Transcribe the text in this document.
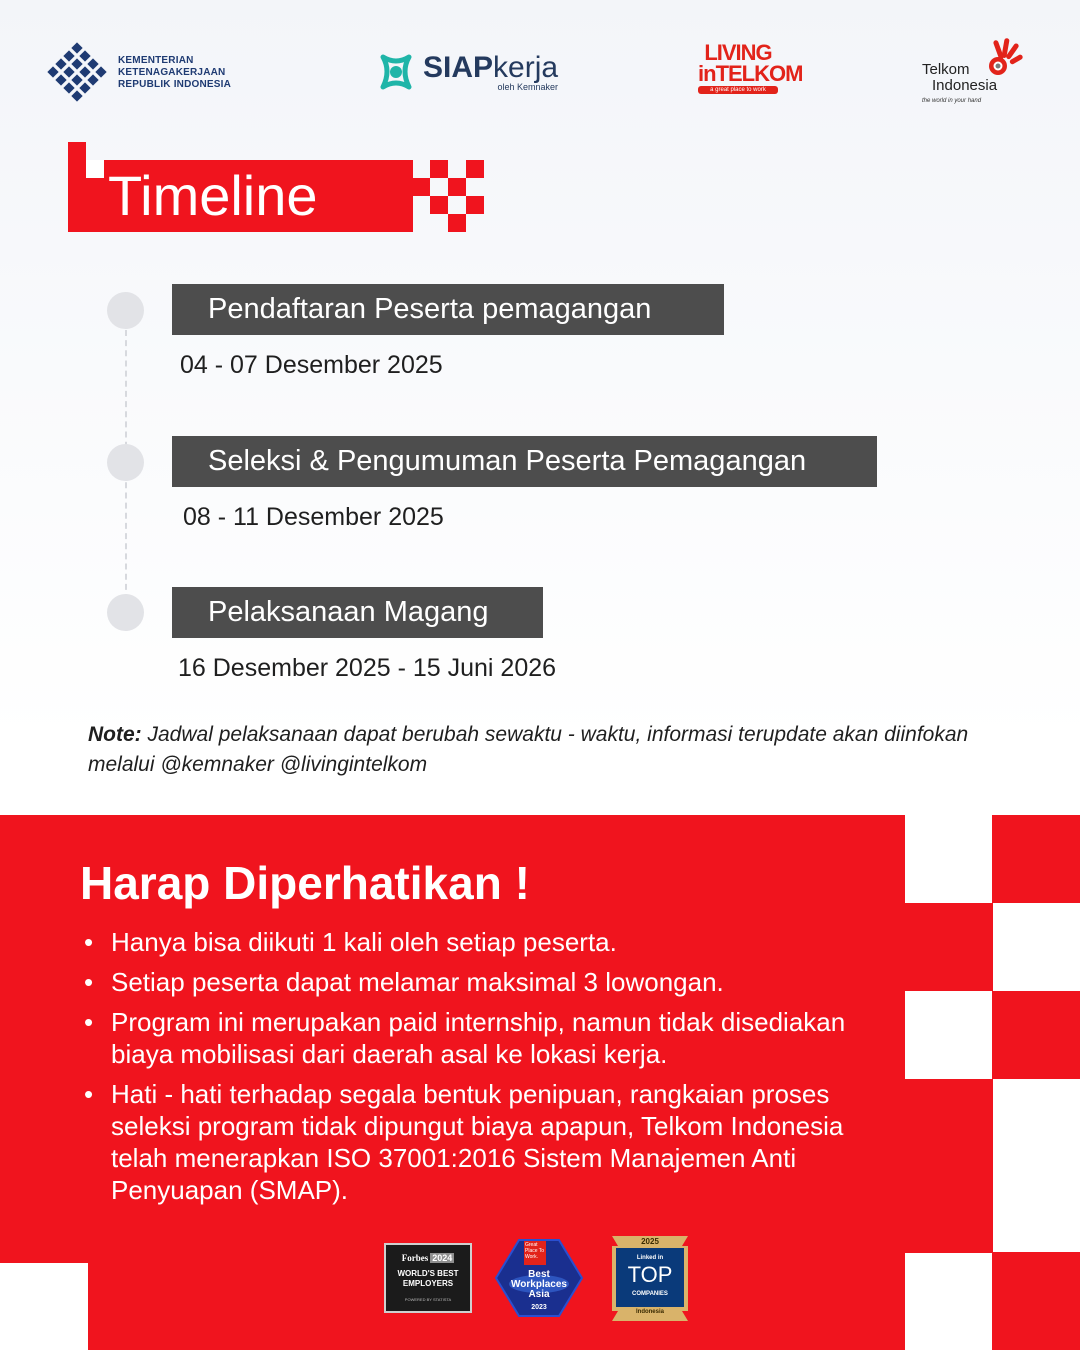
KEMENTERIAN
KETENAGAKERJAAN
REPUBLIK INDONESIA
SIAPkerja
oleh Kemnaker
LIVING
inTELKOM
a great place to work
Telkom
Indonesia
the world in your hand
Timeline
Pendaftaran Peserta pemagangan
04 - 07 Desember 2025
Seleksi & Pengumuman Peserta Pemagangan
08 - 11 Desember 2025
Pelaksanaan Magang
16 Desember 2025 - 15 Juni 2026
Note: Jadwal pelaksanaan dapat berubah sewaktu - waktu, informasi terupdate akan diinfokan melalui @kemnaker @livingintelkom
Harap Diperhatikan !
• Hanya bisa diikuti 1 kali oleh setiap peserta.
• Setiap peserta dapat melamar maksimal 3 lowongan.
• Program ini merupakan paid internship, namun tidak disediakan biaya mobilisasi dari daerah asal ke lokasi kerja.
• Hati - hati terhadap segala bentuk penipuan, rangkaian proses seleksi program tidak dipungut biaya apapun, Telkom Indonesia telah menerapkan ISO 37001:2016 Sistem Manajemen Anti Penyuapan (SMAP).
Forbes 2024
WORLD'S BEST
EMPLOYERS
POWERED BY STATISTA
Great Place To Work.
Best
Workplaces
Asia
2023
2025
Linked in
TOP
COMPANIES
Indonesia
